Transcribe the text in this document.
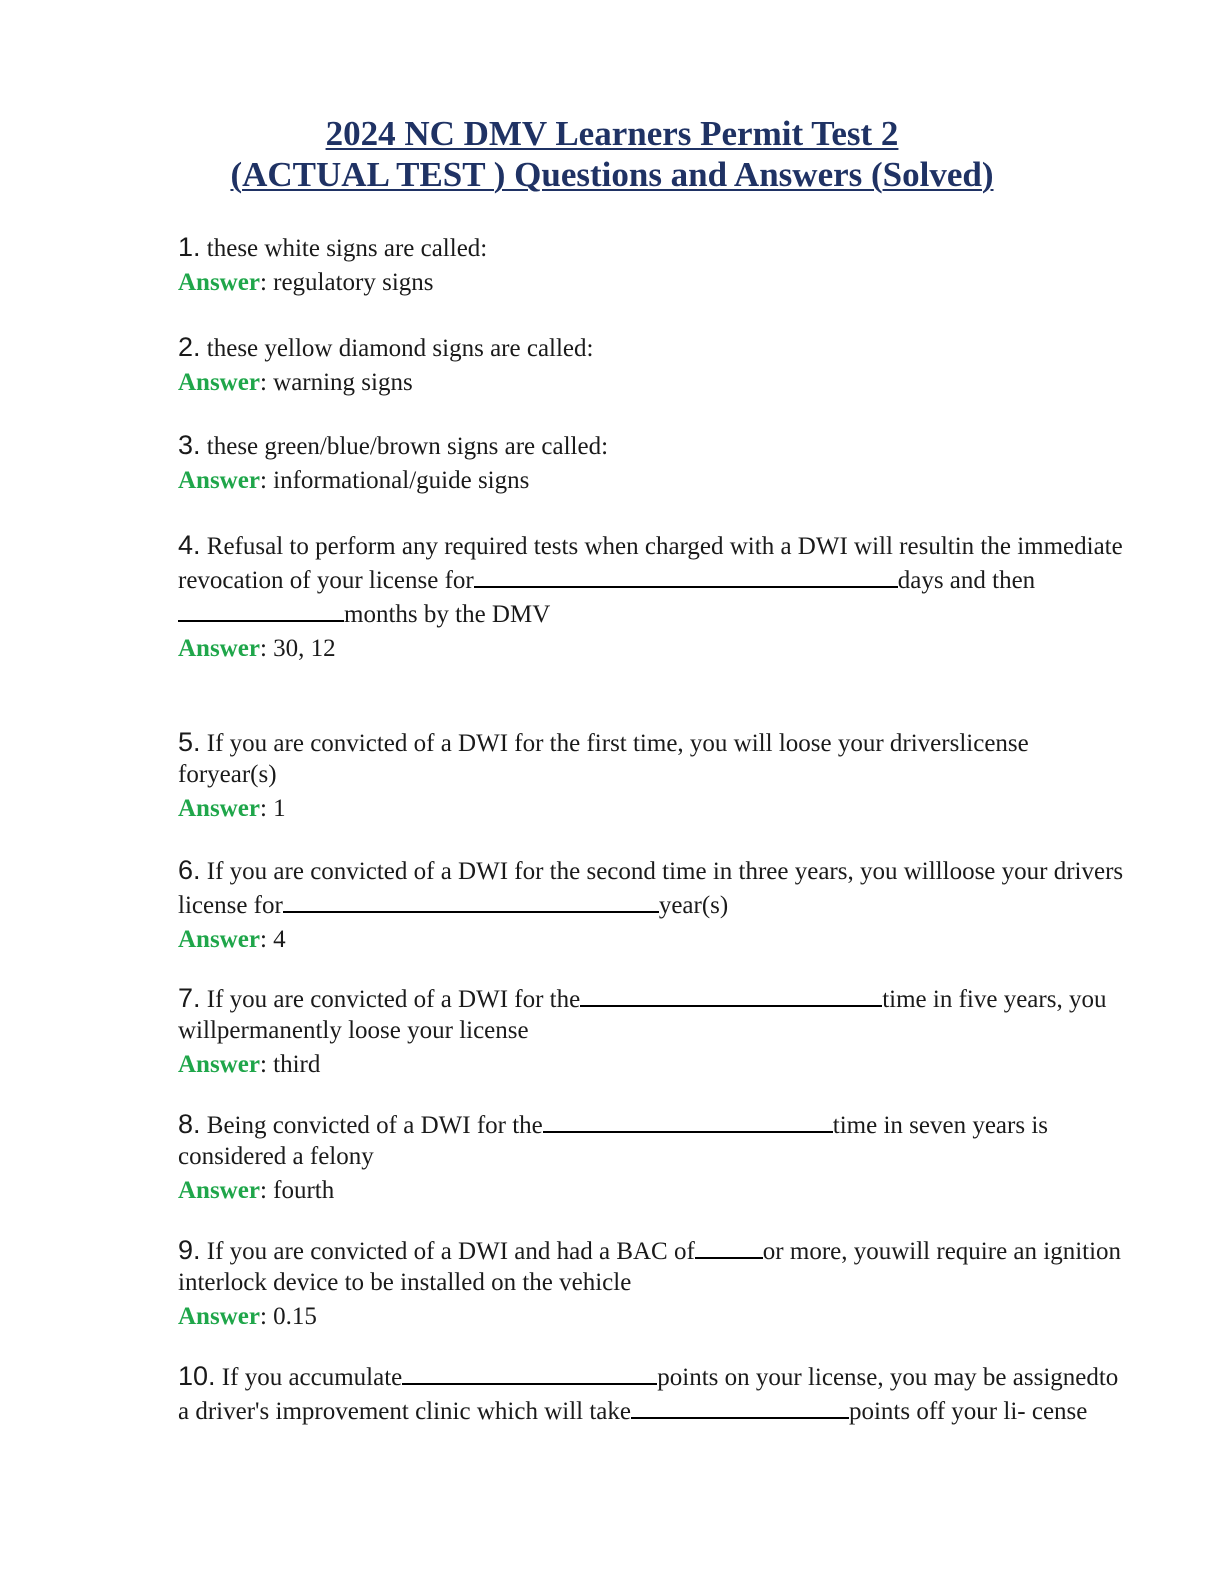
2024 NC DMV Learners Permit Test 2
(ACTUAL TEST ) Questions and Answers (Solved)

1. these white signs are called:

Answer: regulatory signs

2. these yellow diamond signs are called:

Answer: warning signs

3. these green/blue/brown signs are called:

Answer: informational/guide signs

4. Refusal to perform any required tests when charged with a DWI will resultin the immediate revocation of your license for	days and then
months by the DMV

Answer: 30, 12

5. If you are convicted of a DWI for the first time, you will loose your driverslicense foryear(s)

Answer: 1

6. If you are convicted of a DWI for the second time in three years, you willloose your drivers license for	year(s)

Answer: 4

7. If you are convicted of a DWI for the	time in five years, you willpermanently loose your license

Answer: third

8. Being convicted of a DWI for the	time in seven years is considered a felony

Answer: fourth

9. If you are convicted of a DWI and had a BAC of	or more, youwill require an ignition interlock device to be installed on the vehicle

Answer: 0.15

10. If you accumulate	points on your license, you may be assignedto a driver's improvement clinic which will take	points off your li- cense
